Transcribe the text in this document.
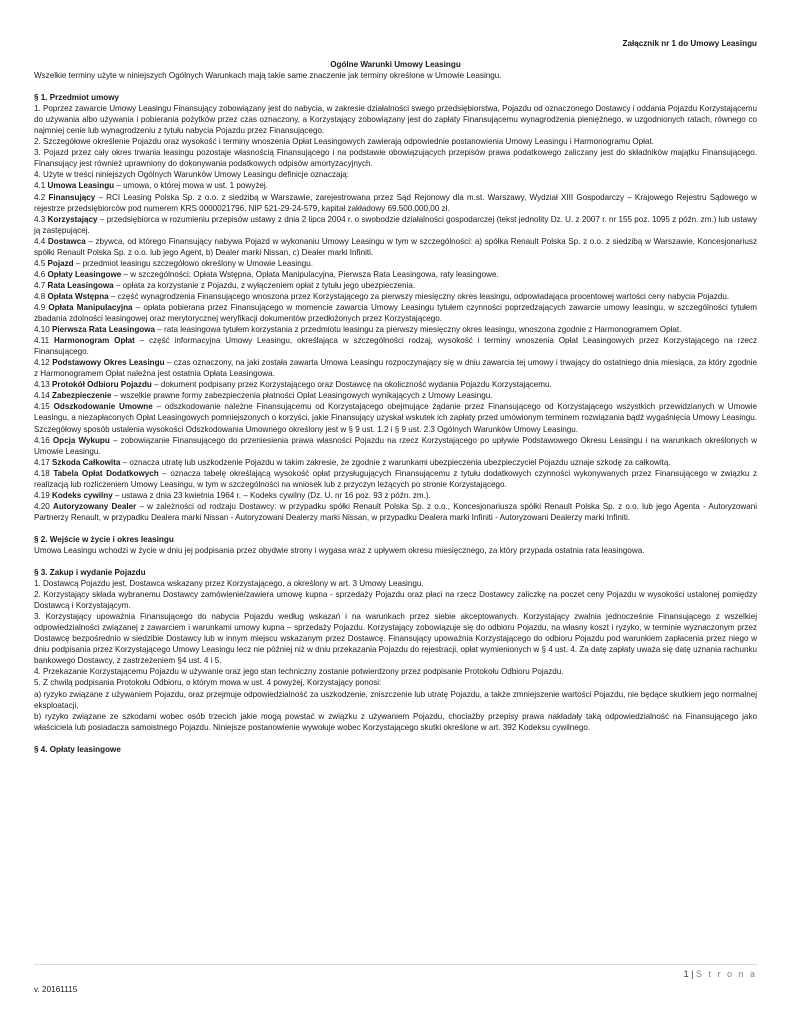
Załącznik nr 1 do Umowy Leasingu
Ogólne Warunki Umowy Leasingu

Wszelkie terminy użyte w niniejszych Ogólnych Warunkach mają takie same znaczenie jak terminy określone w Umowie Leasingu.

§ 1. Przedmiot umowy

1. Poprzez zawarcie Umowy Leasingu Finansujący zobowiązany jest do nabycia, w zakresie działalności swego przedsiębiorstwa, Pojazdu od oznaczonego Dostawcy i oddania Pojazdu Korzystającemu do używania albo używania i pobierania pożytków przez czas oznaczony, a Korzystający zobowiązany jest do zapłaty Finansującemu wynagrodzenia pieniężnego, w uzgodnionych ratach, równego co najmniej cenie lub wynagrodzeniu z tytułu nabycia Pojazdu przez Finansującego.

2. Szczegółowe określenie Pojazdu oraz wysokość i terminy wnoszenia Opłat Leasingowych zawierają odpowiednie postanowienia Umowy Leasingu i Harmonogramu Opłat.

3. Pojazd przez cały okres trwania leasingu pozostaje własnością Finansującego i na podstawie obowiązujących przepisów prawa podatkowego zaliczany jest do składników majątku Finansującego. Finansujący jest również uprawniony do dokonywania podatkowych odpisów amortyzacyjnych.

4. Użyte w treści niniejszych Ogólnych Warunków Umowy Leasingu definicje oznaczają:

4.1 Umowa Leasingu – umowa, o której mowa w ust. 1 powyżej.

4.2 Finansujący – RCI Leasing Polska Sp. z o.o. z siedzibą w Warszawie, zarejestrowana przez Sąd Rejonowy dla m.st. Warszawy, Wydział XIII Gospodarczy – Krajowego Rejestru Sądowego w rejestrze przedsiębiorców pod numerem KRS 0000021796, NIP 521-29-24-579, kapitał zakładowy 69.500.000,00 zł.

4.3 Korzystający – przedsiębiorca w rozumieniu przepisów ustawy z dnia 2 lipca 2004 r. o swobodzie działalności gospodarczej (tekst jednolity Dz. U. z 2007 r. nr 155 poz. 1095 z późn. zm.) lub ustawy ją zastępującej.

4.4 Dostawca – zbywca, od którego Finansujący nabywa Pojazd w wykonaniu Umowy Leasingu w tym w szczególności: a) spółka Renault Polska Sp. z o.o. z siedzibą w Warszawie, Koncesjonariusz spółki Renault Polska Sp. z o.o. lub jego Agent, b) Dealer marki Nissan, c) Dealer marki Infiniti.

4.5 Pojazd – przedmiot leasingu szczegółowo określony w Umowie Leasingu.

4.6 Opłaty Leasingowe – w szczególności: Opłata Wstępna, Opłata Manipulacyjna, Pierwsza Rata Leasingowa, raty leasingowe.

4.7 Rata Leasingowa – opłata za korzystanie z Pojazdu, z wyłączeniem opłat z tytułu jego ubezpieczenia.

4.8 Opłata Wstępna – część wynagrodzenia Finansującego wnoszona przez Korzystającego za pierwszy miesięczny okres leasingu, odpowiadająca procentowej wartości ceny nabycia Pojazdu.

4.9 Opłata Manipulacyjna – opłata pobierana przez Finansującego w momencie zawarcia Umowy Leasingu tytułem czynności poprzedzających zawarcie umowy leasingu, w szczególności tytułem zbadania zdolności leasingowej oraz merytorycznej weryfikacji dokumentów przedłożonych przez Korzystającego.

4.10 Pierwsza Rata Leasingowa – rata leasingowa tytułem korzystania z przedmiotu leasingu za pierwszy miesięczny okres leasingu, wnoszona zgodnie z Harmonogramem Opłat.

4.11 Harmonogram Opłat – część informacyjna Umowy Leasingu, określająca w szczególności rodzaj, wysokość i terminy wnoszenia Opłat Leasingowych przez Korzystającego na rzecz Finansującego.

4.12 Podstawowy Okres Leasingu – czas oznaczony, na jaki została zawarta Umowa Leasingu rozpoczynający się w dniu zawarcia tej umowy i trwający do ostatniego dnia miesiąca, za który zgodnie z Harmonogramem Opłat należna jest ostatnia Opłata Leasingowa.

4.13 Protokół Odbioru Pojazdu – dokument podpisany przez Korzystającego oraz Dostawcę na okoliczność wydania Pojazdu Korzystającemu.

4.14 Zabezpieczenie – wszelkie prawne formy zabezpieczenia płatności Opłat Leasingowych wynikających z Umowy Leasingu.

4.15 Odszkodowanie Umowne – odszkodowanie należne Finansującemu od Korzystającego obejmujące żądanie przez Finansującego od Korzystającego wszystkich przewidzianych w Umowie Leasingu, a niezapłaconych Opłat Leasingowych pomniejszonych o korzyści, jakie Finansujący uzyskał wskutek ich zapłaty przed umówionym terminem rozwiązania bądź wygaśnięcia Umowy Leasingu. Szczegółowy sposób ustalenia wysokości Odszkodowania Umownego określony jest w § 9 ust. 1.2 i § 9 ust. 2.3 Ogólnych Warunków Umowy Leasingu.

4.16 Opcja Wykupu – zobowiązanie Finansującego do przeniesienia prawa własności Pojazdu na rzecz Korzystającego po upływie Podstawowego Okresu Leasingu i na warunkach określonych w Umowie Leasingu.

4.17 Szkoda Całkowita – oznacza utratę lub uszkodzenie Pojazdu w takim zakresie, że zgodnie z warunkami ubezpieczenia ubezpieczyciel Pojazdu uznaje szkodę za całkowitą.

4.18 Tabela Opłat Dodatkowych – oznacza tabelę określającą wysokość opłat przysługujących Finansującemu z tytułu dodatkowych czynności wykonywanych przez Finansującego w związku z realizacją lub rozliczeniem Umowy Leasingu, w tym w szczególności na wniosek lub z przyczyn leżących po stronie Korzystającego.

4.19 Kodeks cywilny – ustawa z dnia 23 kwietnia 1964 r. – Kodeks cywilny (Dz. U. nr 16 poz. 93 z późn. zm.).

4.20 Autoryzowany Dealer – w zależności od rodzaju Dostawcy: w przypadku spółki Renault Polska Sp. z o.o., Koncesjonariusza spółki Renault Polska Sp. z o.o. lub jego Agenta - Autoryzowani Partnerzy Renault, w przypadku Dealera marki Nissan - Autoryzowani Dealerzy marki Nissan, w przypadku Dealera marki Infiniti - Autoryzowani Dealerzy marki Infiniti.

§ 2. Wejście w życie i okres leasingu

Umowa Leasingu wchodzi w życie w dniu jej podpisania przez obydwie strony i wygasa wraz z upływem okresu miesięcznego, za który przypada ostatnia rata leasingowa.

§ 3. Zakup i wydanie Pojazdu

1. Dostawcą Pojazdu jest, Dostawca wskazany przez Korzystającego, a określony w art. 3 Umowy Leasingu.

2. Korzystający składa wybranemu Dostawcy zamówienie/zawiera umowę kupna - sprzedaży Pojazdu oraz płaci na rzecz Dostawcy zaliczkę na poczet ceny Pojazdu w wysokości ustalonej pomiędzy Dostawcą i Korzystającym.

3. Korzystający upoważnia Finansującego do nabycia Pojazdu według wskazań i na warunkach przez siebie akceptowanych. Korzystający zwalnia jednocześnie Finansującego z wszelkiej odpowiedzialności związanej z zawarciem i warunkami umowy kupna – sprzedaży Pojazdu. Korzystający zobowiązuje się do odbioru Pojazdu, na własny koszt i ryzyko, w terminie wyznaczonym przez Dostawcę bezpośrednio w siedzibie Dostawcy lub w innym miejscu wskazanym przez Dostawcę. Finansujący upoważnia Korzystającego do odbioru Pojazdu pod warunkiem zapłacenia przez niego w dniu podpisania przez Korzystającego Umowy Leasingu lecz nie później niż w dniu przekazania Pojazdu do rejestracji, opłat wymienionych w § 4 ust. 4. Za datę zapłaty uważa się datę uznania rachunku bankowego Dostawcy, z zastrzeżeniem §4 ust. 4 i 5.

4. Przekazanie Korzystającemu Pojazdu w używanie oraz jego stan techniczny zostanie potwierdzony przez podpisanie Protokołu Odbioru Pojazdu.

5. Z chwilą podpisania Protokołu Odbioru, o którym mowa w ust. 4 powyżej, Korzystający ponosi:

a) ryzyko związane z używaniem Pojazdu, oraz przejmuje odpowiedzialność za uszkodzenie, zniszczenie lub utratę Pojazdu, a także zmniejszenie wartości Pojazdu, nie będące skutkiem jego normalnej eksploatacji,

b) ryzyko związane ze szkodami wobec osób trzecich jakie mogą powstać w związku z używaniem Pojazdu, chociażby przepisy prawa nakładały taką odpowiedzialność na Finansującego jako właściciela lub posiadacza samoistnego Pojazdu. Niniejsze postanowienie wywołuje wobec Korzystającego skutki określone w art. 392 Kodeksu cywilnego.

§ 4. Opłaty leasingowe

1 | S t r o n a
v. 20161115
